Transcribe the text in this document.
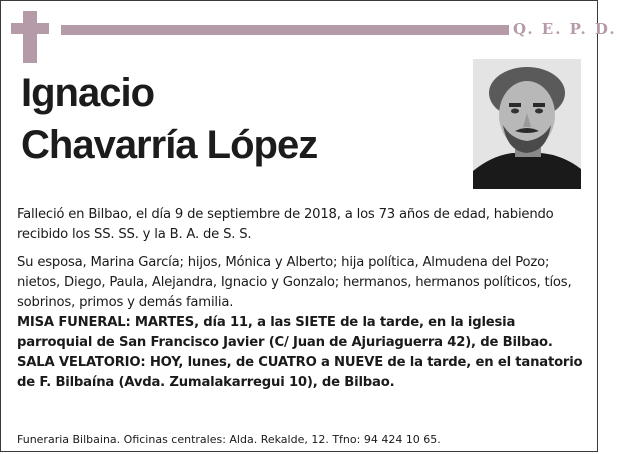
Q. E. P. D.
Ignacio
Chavarría López

Falleció en Bilbao, el día 9 de septiembre de 2018, a los 73 años de edad, habiendo recibido los SS. SS. y la B. A. de S. S.

Su esposa, Marina García; hijos, Mónica y Alberto; hija política, Almudena del Pozo; nietos, Diego, Paula, Alejandra, Ignacio y Gonzalo; hermanos, hermanos políticos, tíos, sobrinos, primos y demás familia.

MISA FUNERAL: MARTES, día 11, a las SIETE de la tarde, en la iglesia parroquial de San Francisco Javier (C/ Juan de Ajuriaguerra 42), de Bilbao.

SALA VELATORIO: HOY, lunes, de CUATRO a NUEVE de la tarde, en el tanatorio de F. Bilbaína (Avda. Zumalakarregui 10), de Bilbao.

Funeraria Bilbaina. Oficinas centrales: Alda. Rekalde, 12. Tfno: 94 424 10 65.
